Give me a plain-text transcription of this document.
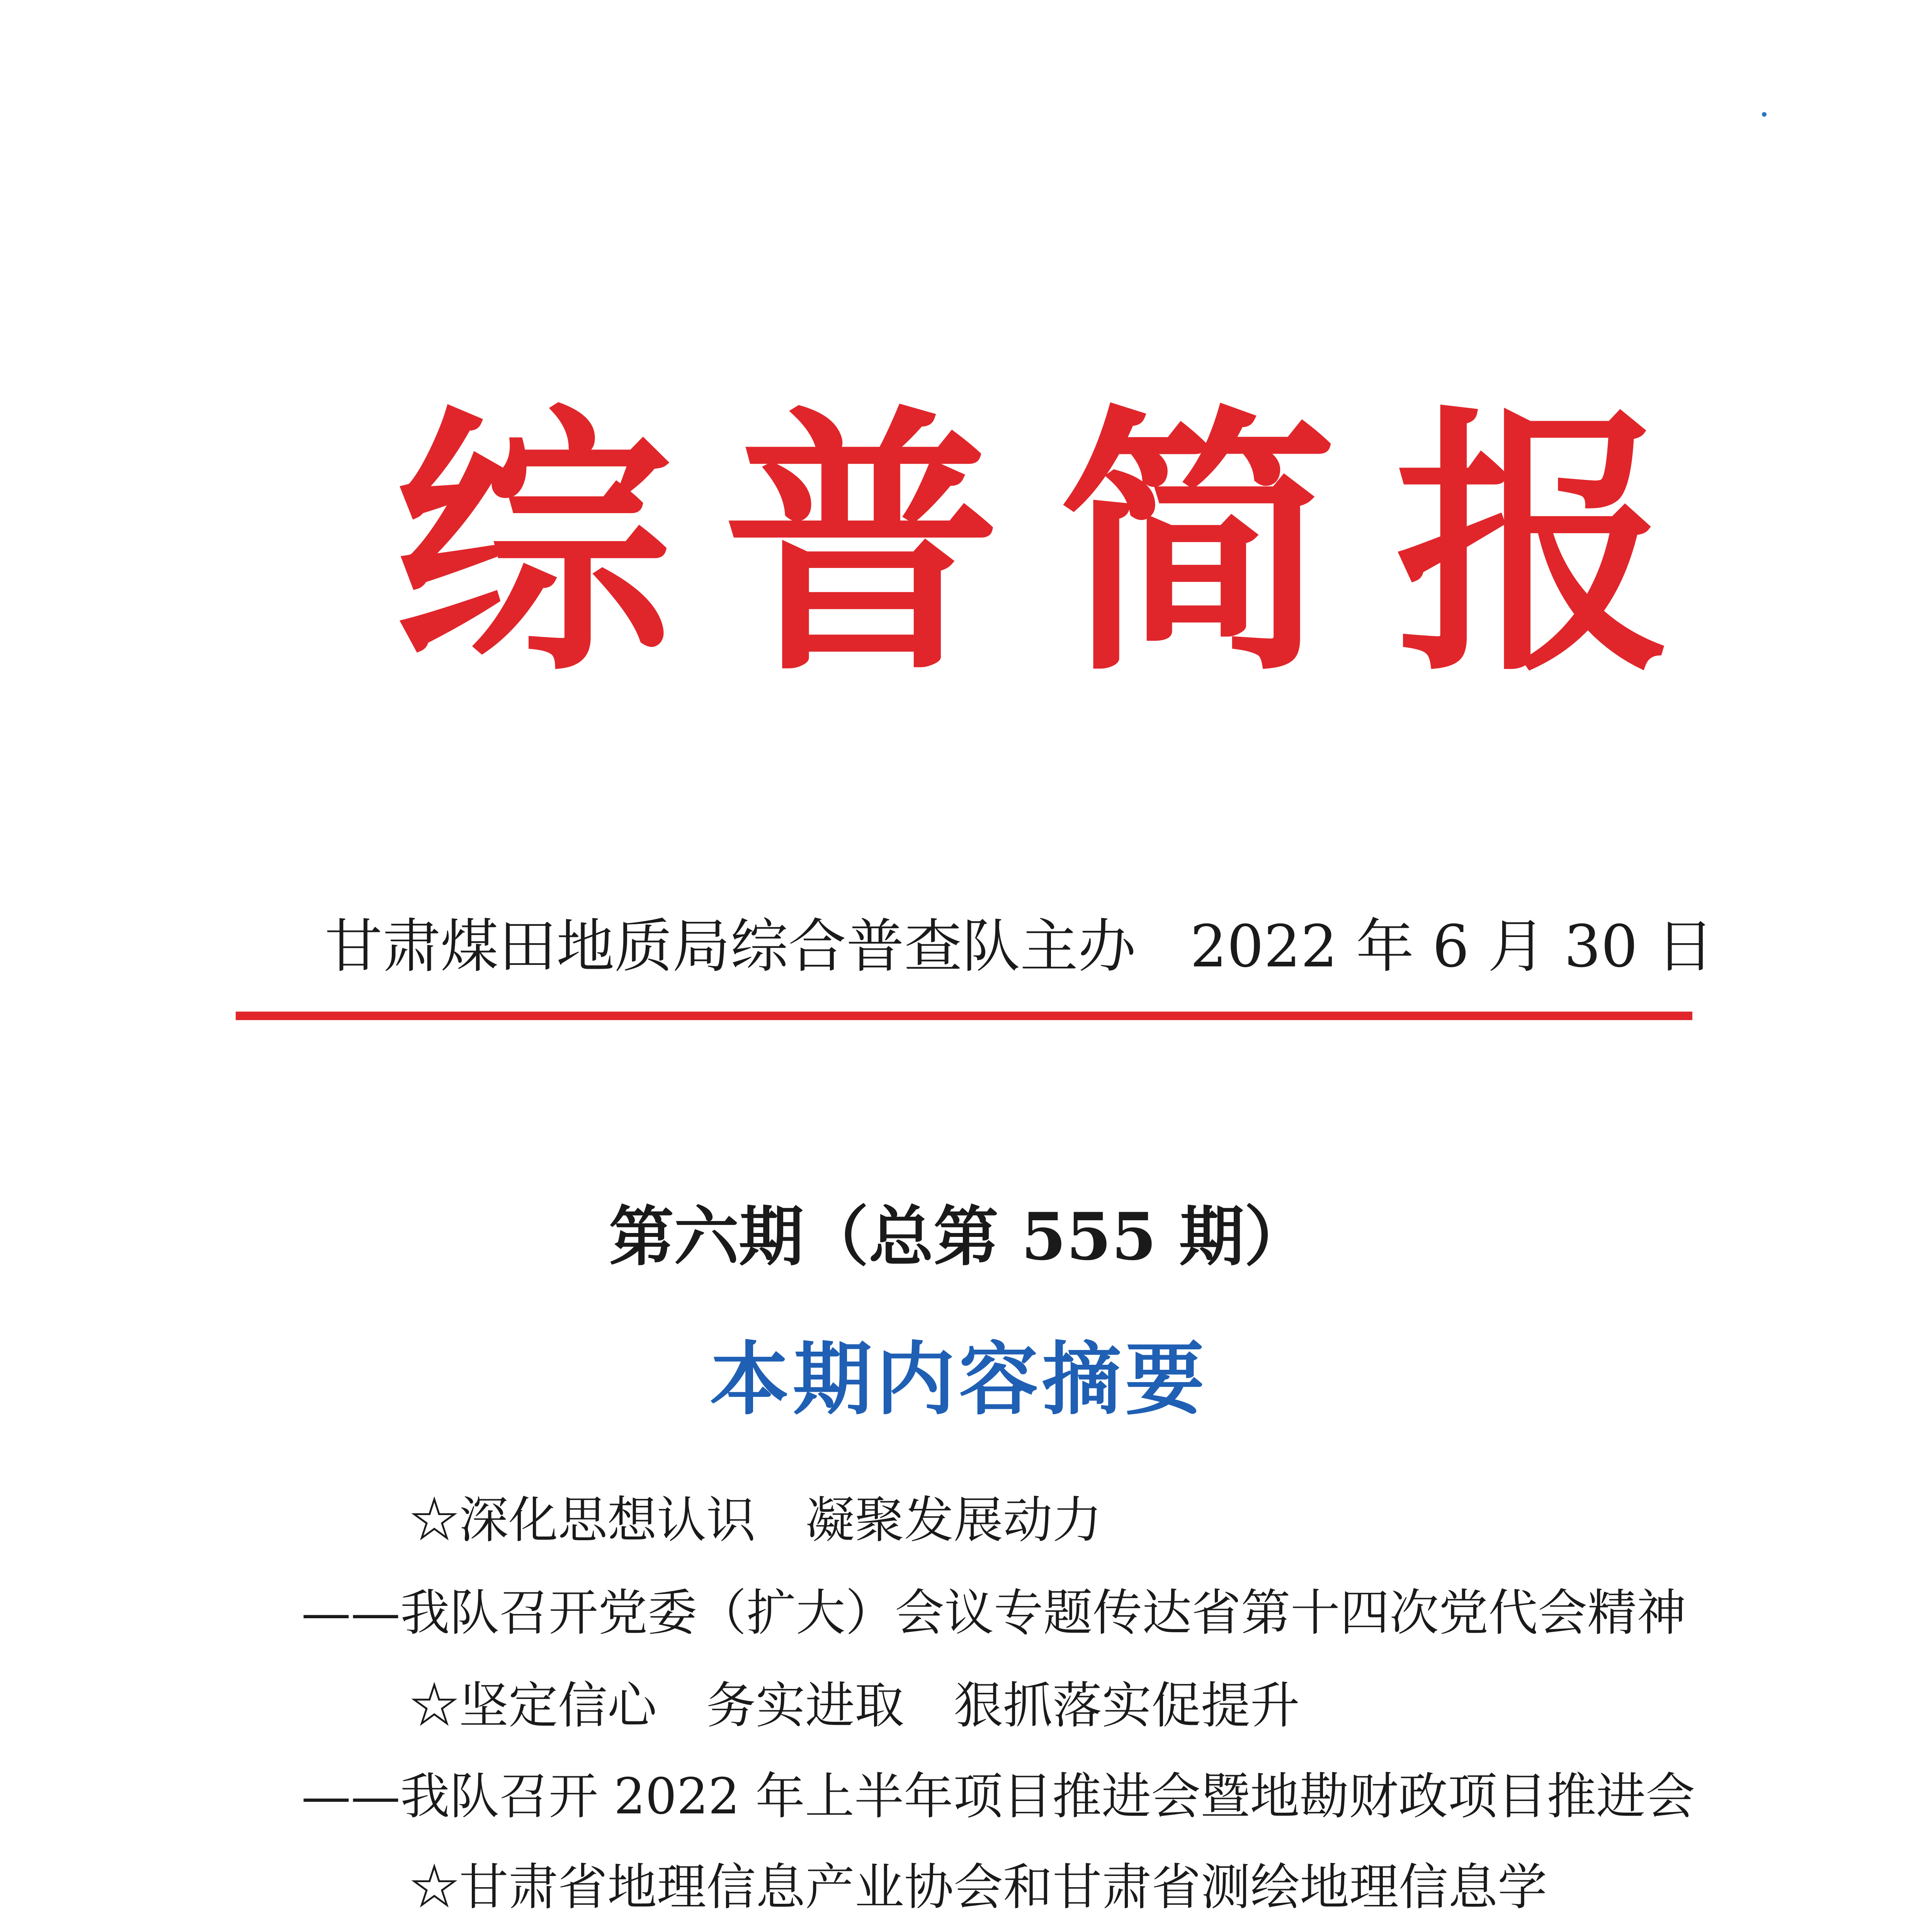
综 普 简 报
甘肃煤田地质局综合普查队主办 2022 年 6 月 30 日
第六期（总第 555 期）
本期内容摘要
☆深化思想认识　凝聚发展动力
——我队召开党委（扩大）会议专题传达省第十四次党代会精神
☆坚定信心　务实进取　狠抓落实促提升
——我队召开 2022 年上半年项目推进会暨地勘财政项目推进会
☆甘肃省地理信息产业协会和甘肃省测绘地理信息学
